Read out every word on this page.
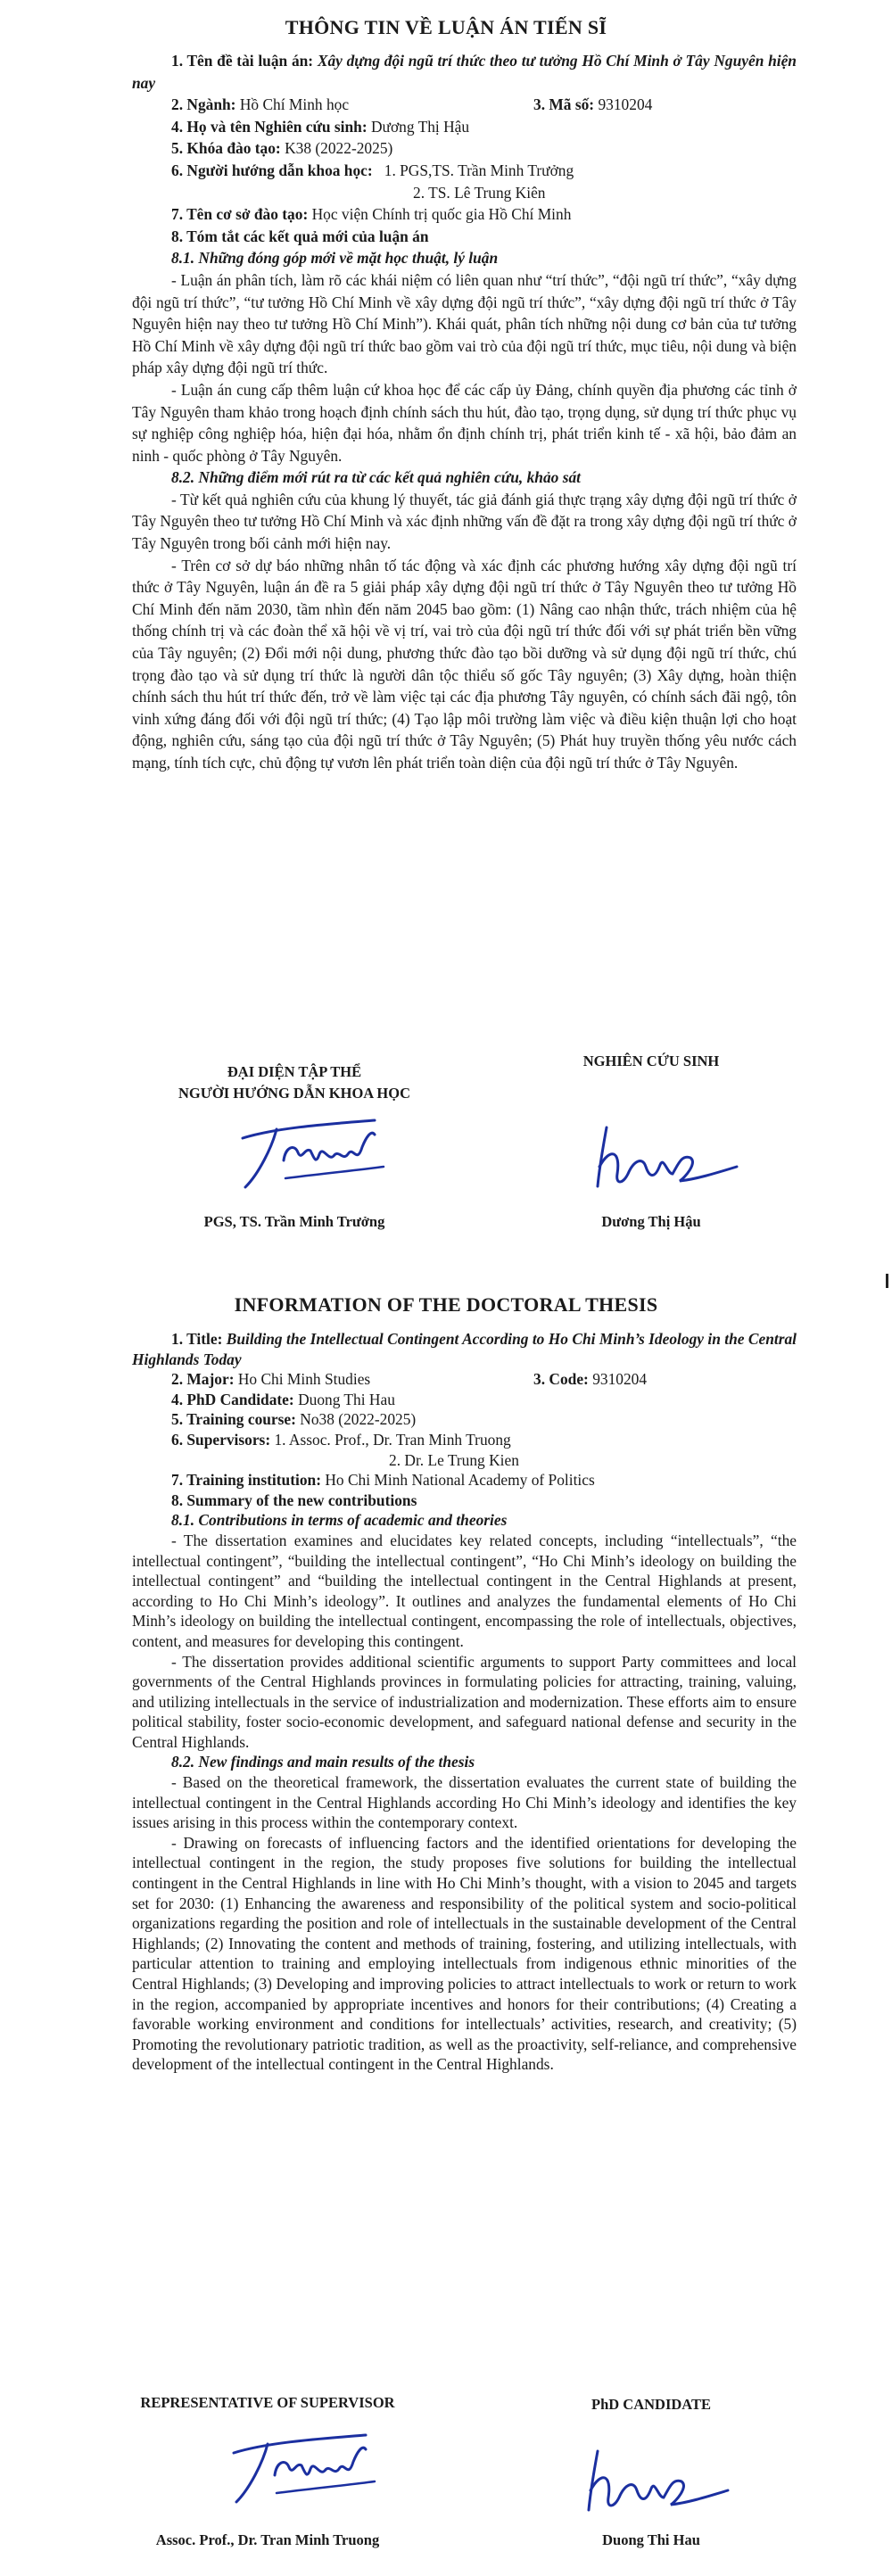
THÔNG TIN VỀ LUẬN ÁN TIẾN SĨ

1. Tên đề tài luận án: Xây dựng đội ngũ trí thức theo tư tưởng Hồ Chí Minh ở Tây Nguyên hiện nay

2. Ngành: Hồ Chí Minh học	3. Mã số: 9310204

4. Họ và tên Nghiên cứu sinh: Dương Thị Hậu

5. Khóa đào tạo: K38 (2022-2025)

6. Người hướng dẫn khoa học: 1. PGS,TS. Trần Minh Trưởng

2. TS. Lê Trung Kiên

7. Tên cơ sở đào tạo: Học viện Chính trị quốc gia Hồ Chí Minh

8. Tóm tắt các kết quả mới của luận án

8.1. Những đóng góp mới về mặt học thuật, lý luận

- Luận án phân tích, làm rõ các khái niệm có liên quan như “trí thức”, “đội ngũ trí thức”, “xây dựng đội ngũ trí thức”, “tư tưởng Hồ Chí Minh về xây dựng đội ngũ trí thức”, “xây dựng đội ngũ trí thức ở Tây Nguyên hiện nay theo tư tưởng Hồ Chí Minh”). Khái quát, phân tích những nội dung cơ bản của tư tưởng Hồ Chí Minh về xây dựng đội ngũ trí thức bao gồm vai trò của đội ngũ trí thức, mục tiêu, nội dung và biện pháp xây dựng đội ngũ trí thức.

- Luận án cung cấp thêm luận cứ khoa học để các cấp ủy Đảng, chính quyền địa phương các tỉnh ở Tây Nguyên tham khảo trong hoạch định chính sách thu hút, đào tạo, trọng dụng, sử dụng trí thức phục vụ sự nghiệp công nghiệp hóa, hiện đại hóa, nhằm ổn định chính trị, phát triển kinh tế - xã hội, bảo đảm an ninh - quốc phòng ở Tây Nguyên.

8.2. Những điểm mới rút ra từ các kết quả nghiên cứu, khảo sát

- Từ kết quả nghiên cứu của khung lý thuyết, tác giả đánh giá thực trạng xây dựng đội ngũ trí thức ở Tây Nguyên theo tư tưởng Hồ Chí Minh và xác định những vấn đề đặt ra trong xây dựng đội ngũ trí thức ở Tây Nguyên trong bối cảnh mới hiện nay.

- Trên cơ sở dự báo những nhân tố tác động và xác định các phương hướng xây dựng đội ngũ trí thức ở Tây Nguyên, luận án đề ra 5 giải pháp xây dựng đội ngũ trí thức ở Tây Nguyên theo tư tưởng Hồ Chí Minh đến năm 2030, tầm nhìn đến năm 2045 bao gồm: (1) Nâng cao nhận thức, trách nhiệm của hệ thống chính trị và các đoàn thể xã hội về vị trí, vai trò của đội ngũ trí thức đối với sự phát triển bền vững của Tây nguyên; (2) Đổi mới nội dung, phương thức đào tạo bồi dưỡng và sử dụng đội ngũ trí thức, chú trọng đào tạo và sử dụng trí thức là người dân tộc thiểu số gốc Tây nguyên; (3) Xây dựng, hoàn thiện chính sách thu hút trí thức đến, trở về làm việc tại các địa phương Tây nguyên, có chính sách đãi ngộ, tôn vinh xứng đáng đối với đội ngũ trí thức; (4) Tạo lập môi trường làm việc và điều kiện thuận lợi cho hoạt động, nghiên cứu, sáng tạo của đội ngũ trí thức ở Tây Nguyên; (5) Phát huy truyền thống yêu nước cách mạng, tính tích cực, chủ động tự vươn lên phát triển toàn diện của đội ngũ trí thức ở Tây Nguyên.

ĐẠI DIỆN TẬP THỂ
NGƯỜI HƯỚNG DẪN KHOA HỌC
NGHIÊN CỨU SINH
PGS, TS. Trần Minh Trưởng	Dương Thị Hậu
INFORMATION OF THE DOCTORAL THESIS

1. Title: Building the Intellectual Contingent According to Ho Chi Minh’s Ideology in the Central Highlands Today

2. Major: Ho Chi Minh Studies	3. Code: 9310204

4. PhD Candidate: Duong Thi Hau

5. Training course: No38 (2022-2025)

6. Supervisors: 1. Assoc. Prof., Dr. Tran Minh Truong

2. Dr. Le Trung Kien

7. Training institution: Ho Chi Minh National Academy of Politics

8. Summary of the new contributions

8.1. Contributions in terms of academic and theories

- The dissertation examines and elucidates key related concepts, including “intellectuals”, “the intellectual contingent”, “building the intellectual contingent”, “Ho Chi Minh’s ideology on building the intellectual contingent” and “building the intellectual contingent in the Central Highlands at present, according to Ho Chi Minh’s ideology”. It outlines and analyzes the fundamental elements of Ho Chi Minh’s ideology on building the intellectual contingent, encompassing the role of intellectuals, objectives, content, and measures for developing this contingent.

- The dissertation provides additional scientific arguments to support Party committees and local governments of the Central Highlands provinces in formulating policies for attracting, training, valuing, and utilizing intellectuals in the service of industrialization and modernization. These efforts aim to ensure political stability, foster socio-economic development, and safeguard national defense and security in the Central Highlands.

8.2. New findings and main results of the thesis

- Based on the theoretical framework, the dissertation evaluates the current state of building the intellectual contingent in the Central Highlands according Ho Chi Minh’s ideology and identifies the key issues arising in this process within the contemporary context.

- Drawing on forecasts of influencing factors and the identified orientations for developing the intellectual contingent in the region, the study proposes five solutions for building the intellectual contingent in the Central Highlands in line with Ho Chi Minh’s thought, with a vision to 2045 and targets set for 2030: (1) Enhancing the awareness and responsibility of the political system and socio-political organizations regarding the position and role of intellectuals in the sustainable development of the Central Highlands; (2) Innovating the content and methods of training, fostering, and utilizing intellectuals, with particular attention to training and employing intellectuals from indigenous ethnic minorities of the Central Highlands; (3) Developing and improving policies to attract intellectuals to work or return to work in the region, accompanied by appropriate incentives and honors for their contributions; (4) Creating a favorable working environment and conditions for intellectuals’ activities, research, and creativity; (5) Promoting the revolutionary patriotic tradition, as well as the proactivity, self-reliance, and comprehensive development of the intellectual contingent in the Central Highlands.

REPRESENTATIVE OF SUPERVISOR	PhD CANDIDATE
Assoc. Prof., Dr. Tran Minh Truong	Duong Thi Hau
